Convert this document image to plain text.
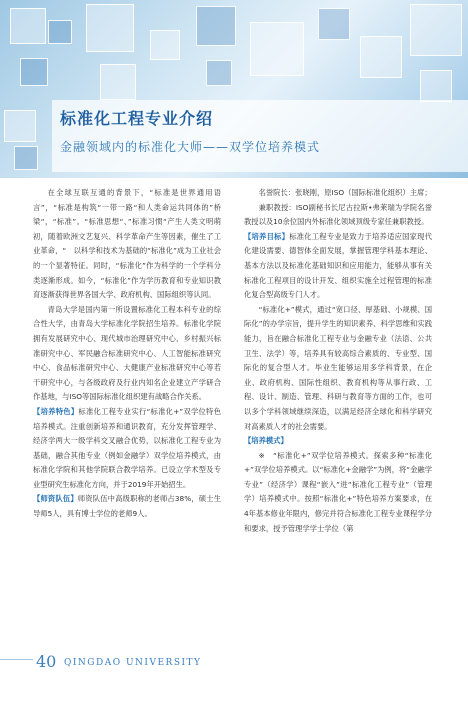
标准化工程专业介绍
金融领域内的标准化大师——双学位培养模式

在全球互联互通的背景下，“标准是世界通用语言”，“标准是构筑“一带一路“和人类命运共同体的”桥梁“，“标准”。“标准思想“、”标准习惯“产生人类文明萌初，随着欧洲文艺复兴、科学革命产生等因素，催生了工业革命，“　以科学和技术为基础的“标准化”成为工业社会的一个显著特征。同时，“标准化”作为科学的一个学科分类逐渐形成。如今，“标准化”作为学历教育和专业知识教育逐渐获得世界各国大学、政府机构、国际组织等认同。

青岛大学是国内第一所设置标准化工程本科专业的综合性大学，由青岛大学标准化学院招生培养。标准化学院拥有发展研究中心、现代城市治理研究中心、乡村振兴标准研究中心、军民融合标准研究中心、人工智能标准研究中心、食品标准研究中心、大健康产业标准研究中心等若干研究中心，与各级政府及行业内知名企业建立产学研合作基地，与ISO等国际标准化组织建有战略合作关系。

【培养特色】标准化工程专业实行“标准化+”双学位特色培养模式。注重创新培养和通识教育，充分发挥管理学、经济学两大一级学科交叉融合优势，以标准化工程专业为基础，融合其他专业（例如金融学）双学位培养模式，由标准化学院和其他学院联合教学培养。已设立学术型及专业型研究生标准化方向，并于2019年开始招生。

【师资队伍】师资队伍中高级职称的老师占38%，硕士生导师5人，具有博士学位的老师9人。

名誉院长：张晓刚，原ISO（国际标准化组织）主席；

兼职教授：ISO副秘书长尼古拉斯•弗莱瑞为学院名誉教授以及10余位国内外标准化领域顶级专家任兼职教授。

【培养目标】标准化工程专业是致力于培养适应国家现代化建设需要、德智体全面发展，掌握管理学科基本理论、基本方法以及标准化基础知识和应用能力，能够从事有关标准化工程项目的设计开发、组织实施全过程管理的标准化复合型高级专门人才。

“标准化+”模式，通过“宽口径、厚基础、小规模、国际化”的办学宗旨，提升学生的知识素养、科学思维和实践能力，旨在融合标准化工程专业与金融专业（法语、公共卫生、法学）等，培养具有较高综合素质的、专业型、国际化的复合型人才。毕业生能够运用多学科背景，在企业、政府机构、国际性组织、教育机构等从事行政、工程、设计、制造、管理、科研与教育等方面的工作，也可以多个学科领域继续深造，以满足经济全球化和科学研究对高素质人才的社会需要。

【培养模式】

※　“标准化+”双学位培养模式。探索多种“标准化+”双学位培养模式。以“标准化+金融学”为例，将“金融学专业”（经济学）课程“嵌入”进“标准化工程专业”（管理学）培养模式中。按照“标准化+”特色培养方案要求，在　4年基本修业年限内，修完并符合标准化工程专业课程学分和要求，授予管理学学士学位（第

40 QINGDAO UNIVERSITY
